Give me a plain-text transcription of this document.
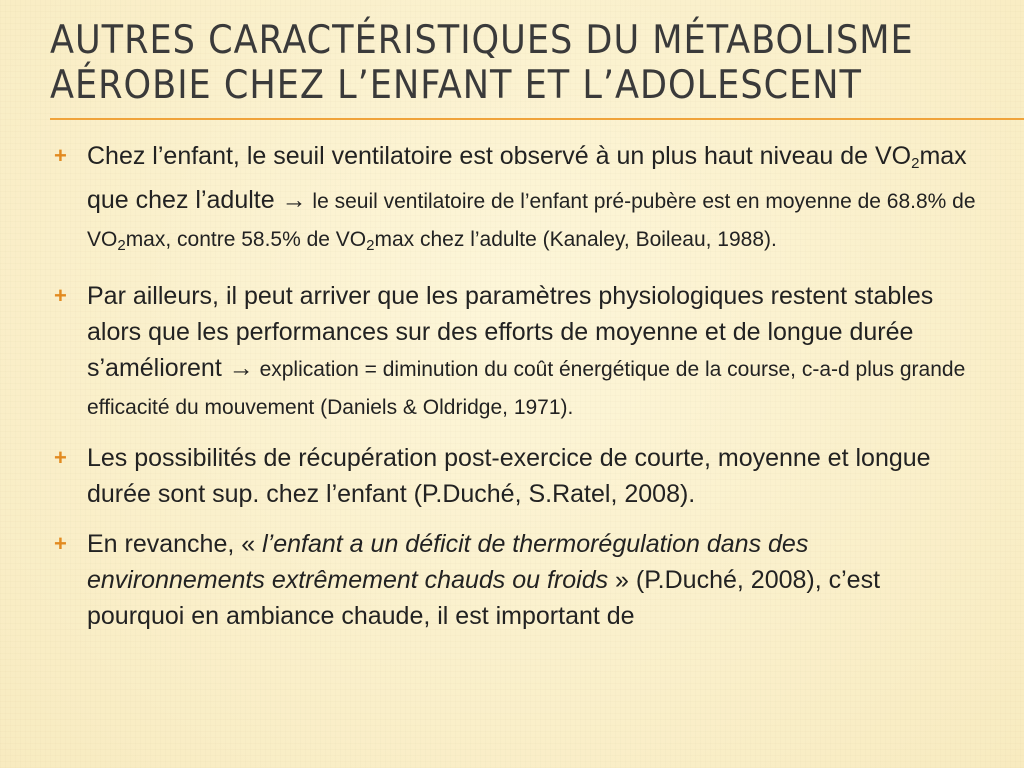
AUTRES CARACTÉRISTIQUES DU MÉTABOLISME
AÉROBIE CHEZ L’ENFANT ET L’ADOLESCENT
+ Chez l’enfant, le seuil ventilatoire est observé à un plus haut niveau de $VO_2\max$ que chez l’adulte → le seuil ventilatoire de l’enfant pré-pubère est en moyenne de 68.8% de $VO_2\max$, contre 58.5% de $VO_2\max$ chez l’adulte (Kanaley, Boileau, 1988).
+ Par ailleurs, il peut arriver que les paramètres physiologiques restent stables alors que les performances sur des efforts de moyenne et de longue durée s’améliorent → explication = diminution du coût énergétique de la course, c-a-d plus grande efficacité du mouvement (Daniels & Oldridge, 1971).
+ Les possibilités de récupération post-exercice de courte, moyenne et longue durée sont sup. chez l’enfant (P.Duché, S.Ratel, 2008).
+ En revanche, « l’enfant a un déficit de thermorégulation dans des environnements extrêmement chauds ou froids » (P.Duché, 2008), c’est pourquoi en ambiance chaude, il est important de
